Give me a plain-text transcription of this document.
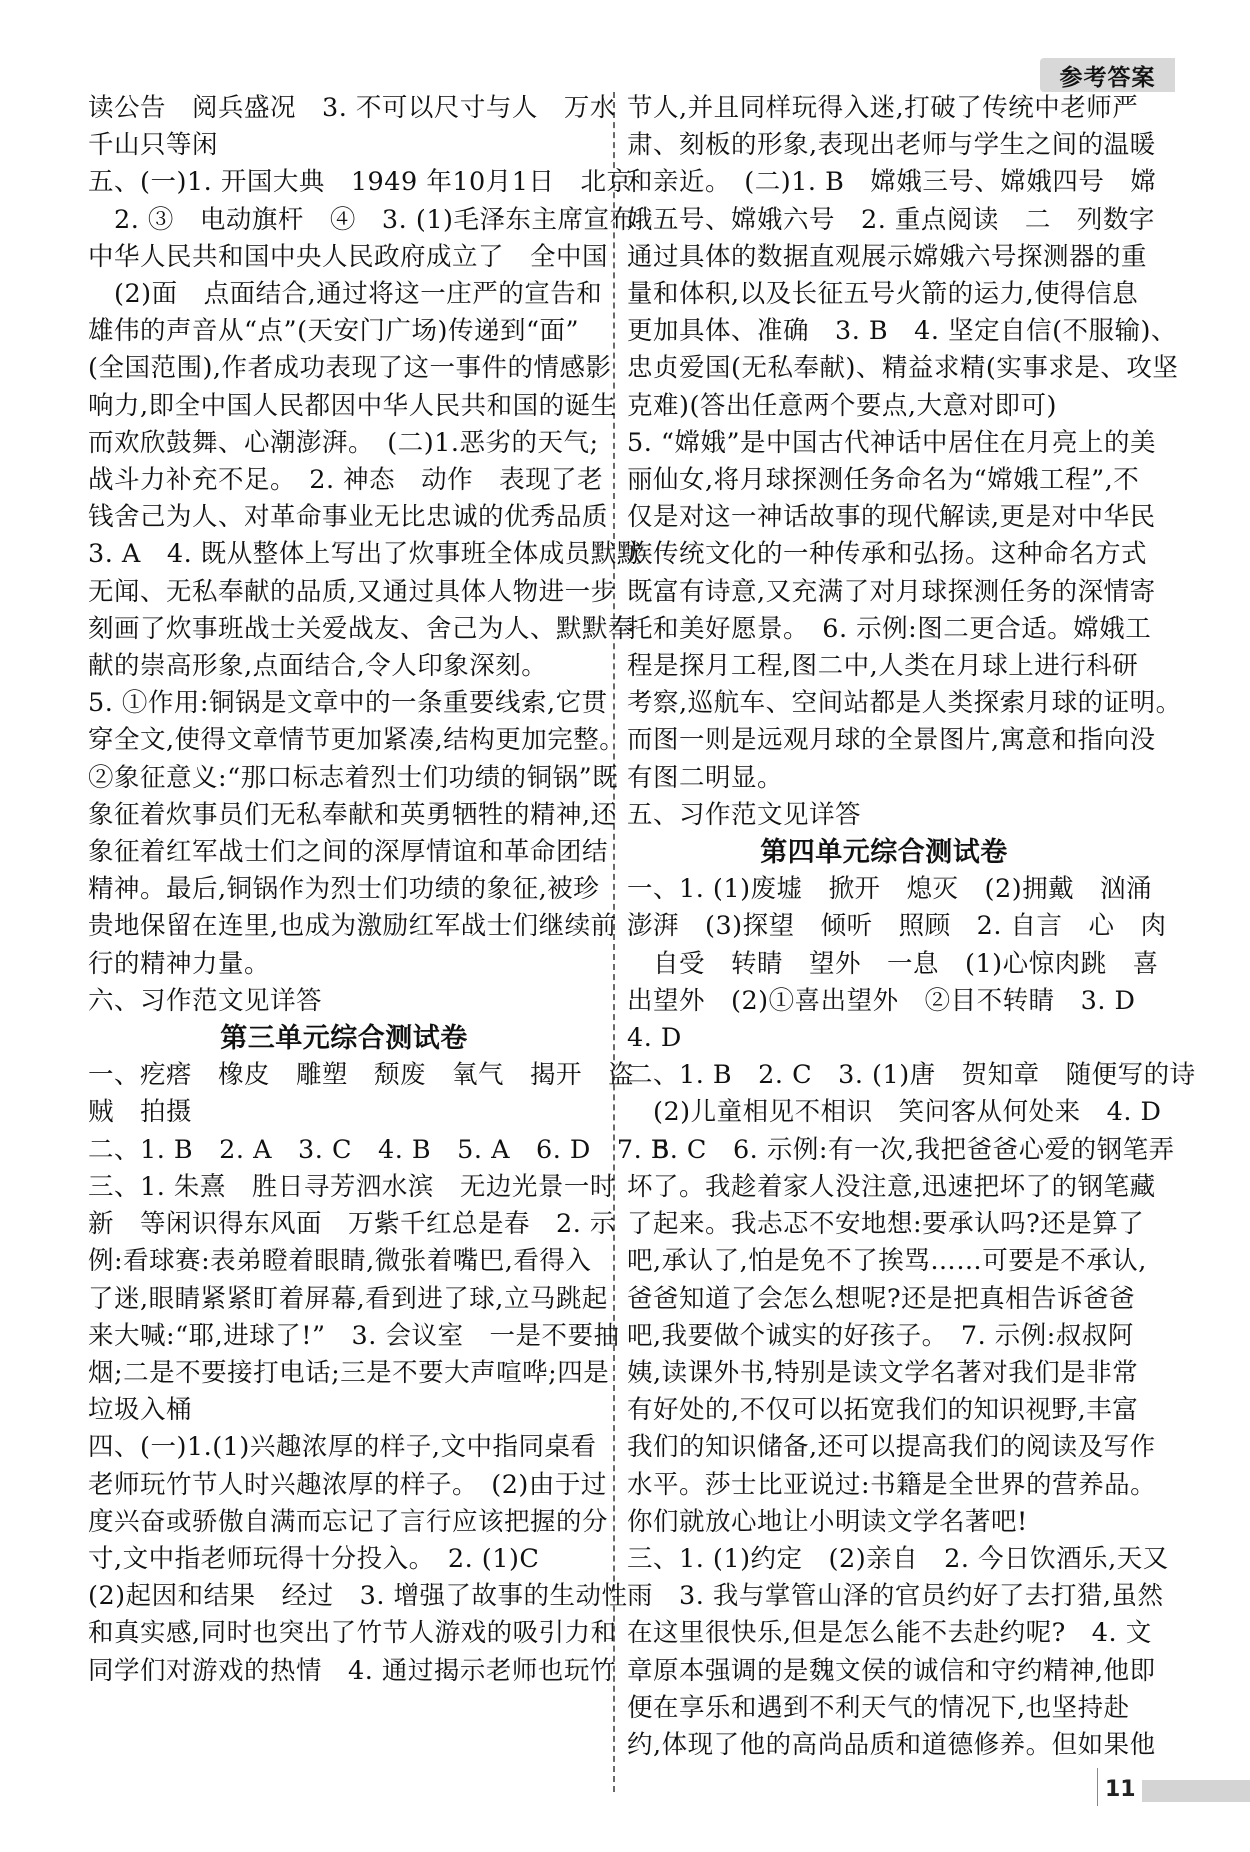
参考答案

读公告　阅兵盛况　3. 不可以尺寸与人　万水

千山只等闲

五、(一)1. 开国大典　1949 年10月1日　北京

　2. ③　电动旗杆　④　3. (1)毛泽东主席宣布

中华人民共和国中央人民政府成立了　全中国

　(2)面　点面结合,通过将这一庄严的宣告和

雄伟的声音从“点”(天安门广场)传递到“面”

(全国范围),作者成功表现了这一事件的情感影

响力,即全中国人民都因中华人民共和国的诞生

而欢欣鼓舞、心潮澎湃。　(二)1.恶劣的天气;

战斗力补充不足。　2. 神态　动作　表现了老

钱舍己为人、对革命事业无比忠诚的优秀品质

3. A　4. 既从整体上写出了炊事班全体成员默默

无闻、无私奉献的品质,又通过具体人物进一步

刻画了炊事班战士关爱战友、舍己为人、默默奉

献的崇高形象,点面结合,令人印象深刻。

5. ①作用:铜锅是文章中的一条重要线索,它贯

穿全文,使得文章情节更加紧凑,结构更加完整。

②象征意义:“那口标志着烈士们功绩的铜锅”既

象征着炊事员们无私奉献和英勇牺牲的精神,还

象征着红军战士们之间的深厚情谊和革命团结

精神。最后,铜锅作为烈士们功绩的象征,被珍

贵地保留在连里,也成为激励红军战士们继续前

行的精神力量。

六、习作范文见详答

第三单元综合测试卷

一、疙瘩　橡皮　雕塑　颓废　氧气　揭开　盗

贼　拍摄

二、1. B　2. A　3. C　4. B　5. A　6. D　7. B

三、1. 朱熹　胜日寻芳泗水滨　无边光景一时

新　等闲识得东风面　万紫千红总是春　2. 示

例:看球赛:表弟瞪着眼睛,微张着嘴巴,看得入

了迷,眼睛紧紧盯着屏幕,看到进了球,立马跳起

来大喊:“耶,进球了!”　3. 会议室　一是不要抽

烟;二是不要接打电话;三是不要大声喧哗;四是

垃圾入桶

四、(一)1.(1)兴趣浓厚的样子,文中指同桌看

老师玩竹节人时兴趣浓厚的样子。　(2)由于过

度兴奋或骄傲自满而忘记了言行应该把握的分

寸,文中指老师玩得十分投入。　2. (1)C

(2)起因和结果　经过　3. 增强了故事的生动性

和真实感,同时也突出了竹节人游戏的吸引力和

同学们对游戏的热情　4. 通过揭示老师也玩竹

节人,并且同样玩得入迷,打破了传统中老师严

肃、刻板的形象,表现出老师与学生之间的温暖

和亲近。　(二)1. B　嫦娥三号、嫦娥四号　嫦

娥五号、嫦娥六号　2. 重点阅读　二　列数字

通过具体的数据直观展示嫦娥六号探测器的重

量和体积,以及长征五号火箭的运力,使得信息

更加具体、准确　3. B　4. 坚定自信(不服输)、

忠贞爱国(无私奉献)、精益求精(实事求是、攻坚

克难)(答出任意两个要点,大意对即可)

5. “嫦娥”是中国古代神话中居住在月亮上的美

丽仙女,将月球探测任务命名为“嫦娥工程”,不

仅是对这一神话故事的现代解读,更是对中华民

族传统文化的一种传承和弘扬。这种命名方式

既富有诗意,又充满了对月球探测任务的深情寄

托和美好愿景。　6. 示例:图二更合适。嫦娥工

程是探月工程,图二中,人类在月球上进行科研

考察,巡航车、空间站都是人类探索月球的证明。

而图一则是远观月球的全景图片,寓意和指向没

有图二明显。

五、习作范文见详答

第四单元综合测试卷

一、1. (1)废墟　掀开　熄灭　(2)拥戴　汹涌

澎湃　(3)探望　倾听　照顾　2. 自言　心　肉

　自受　转睛　望外　一息　(1)心惊肉跳　喜

出望外　(2)①喜出望外　②目不转睛　3. D

4. D

二、1. B　2. C　3. (1)唐　贺知章　随便写的诗

　(2)儿童相见不相识　笑问客从何处来　4. D

　5. C　6. 示例:有一次,我把爸爸心爱的钢笔弄

坏了。我趁着家人没注意,迅速把坏了的钢笔藏

了起来。我忐忑不安地想:要承认吗?还是算了

吧,承认了,怕是免不了挨骂……可要是不承认,

爸爸知道了会怎么想呢?还是把真相告诉爸爸

吧,我要做个诚实的好孩子。　7. 示例:叔叔阿

姨,读课外书,特别是读文学名著对我们是非常

有好处的,不仅可以拓宽我们的知识视野,丰富

我们的知识储备,还可以提高我们的阅读及写作

水平。莎士比亚说过:书籍是全世界的营养品。

你们就放心地让小明读文学名著吧!

三、1. (1)约定　(2)亲自　2. 今日饮酒乐,天又

雨　3. 我与掌管山泽的官员约好了去打猎,虽然

在这里很快乐,但是怎么能不去赴约呢?　4. 文

章原本强调的是魏文侯的诚信和守约精神,他即

便在享乐和遇到不利天气的情况下,也坚持赴

约,体现了他的高尚品质和道德修养。但如果他

11
